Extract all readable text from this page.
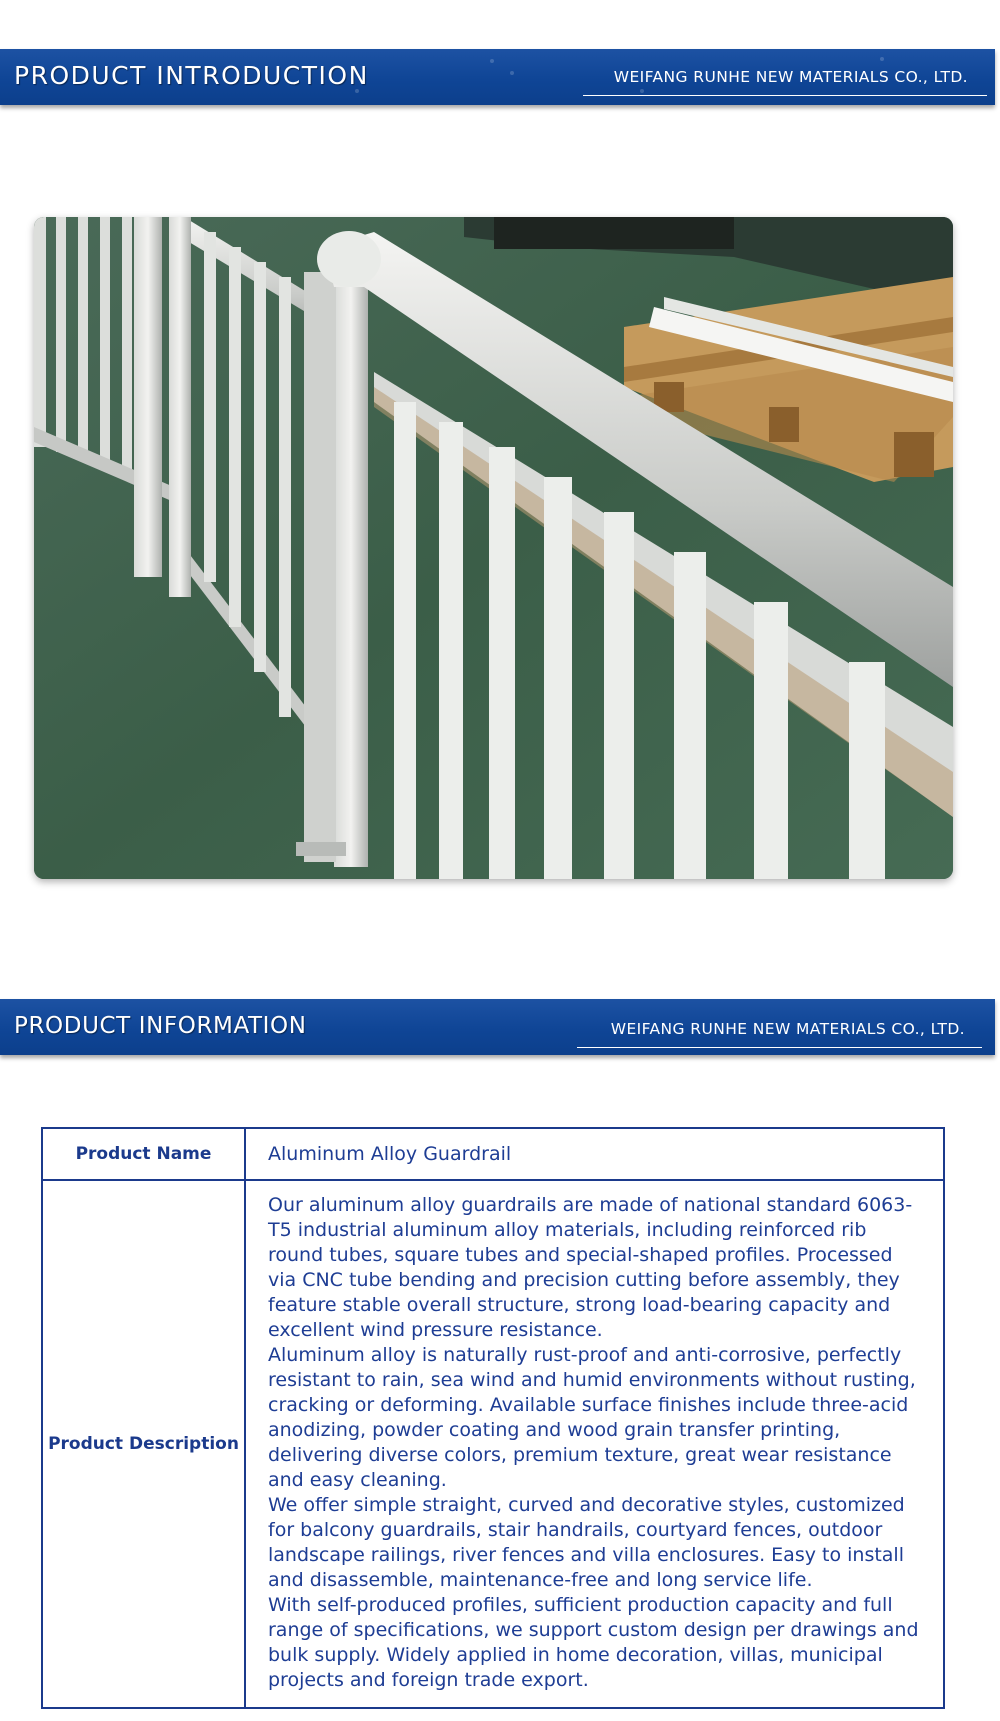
PRODUCT INTRODUCTION	WEIFANG RUNHE NEW MATERIALS CO., LTD.
PRODUCT INFORMATION	WEIFANG RUNHE NEW MATERIALS CO., LTD.
Product Name	Aluminum Alloy Guardrail
Product Description	Our aluminum alloy guardrails are made of national standard 6063-T5 industrial aluminum alloy materials, including reinforced rib round tubes, square tubes and special-shaped profiles. Processed via CNC tube bending and precision cutting before assembly, they feature stable overall structure, strong load-bearing capacity and excellent wind pressure resistance.

Aluminum alloy is naturally rust-proof and anti-corrosive, perfectly resistant to rain, sea wind and humid environments without rusting, cracking or deforming. Available surface finishes include three-acid anodizing, powder coating and wood grain transfer printing, delivering diverse colors, premium texture, great wear resistance and easy cleaning.

We offer simple straight, curved and decorative styles, customized for balcony guardrails, stair handrails, courtyard fences, outdoor landscape railings, river fences and villa enclosures. Easy to install and disassemble, maintenance-free and long service life.

With self-produced profiles, sufficient production capacity and full range of specifications, we support custom design per drawings and bulk supply. Widely applied in home decoration, villas, municipal projects and foreign trade export.
